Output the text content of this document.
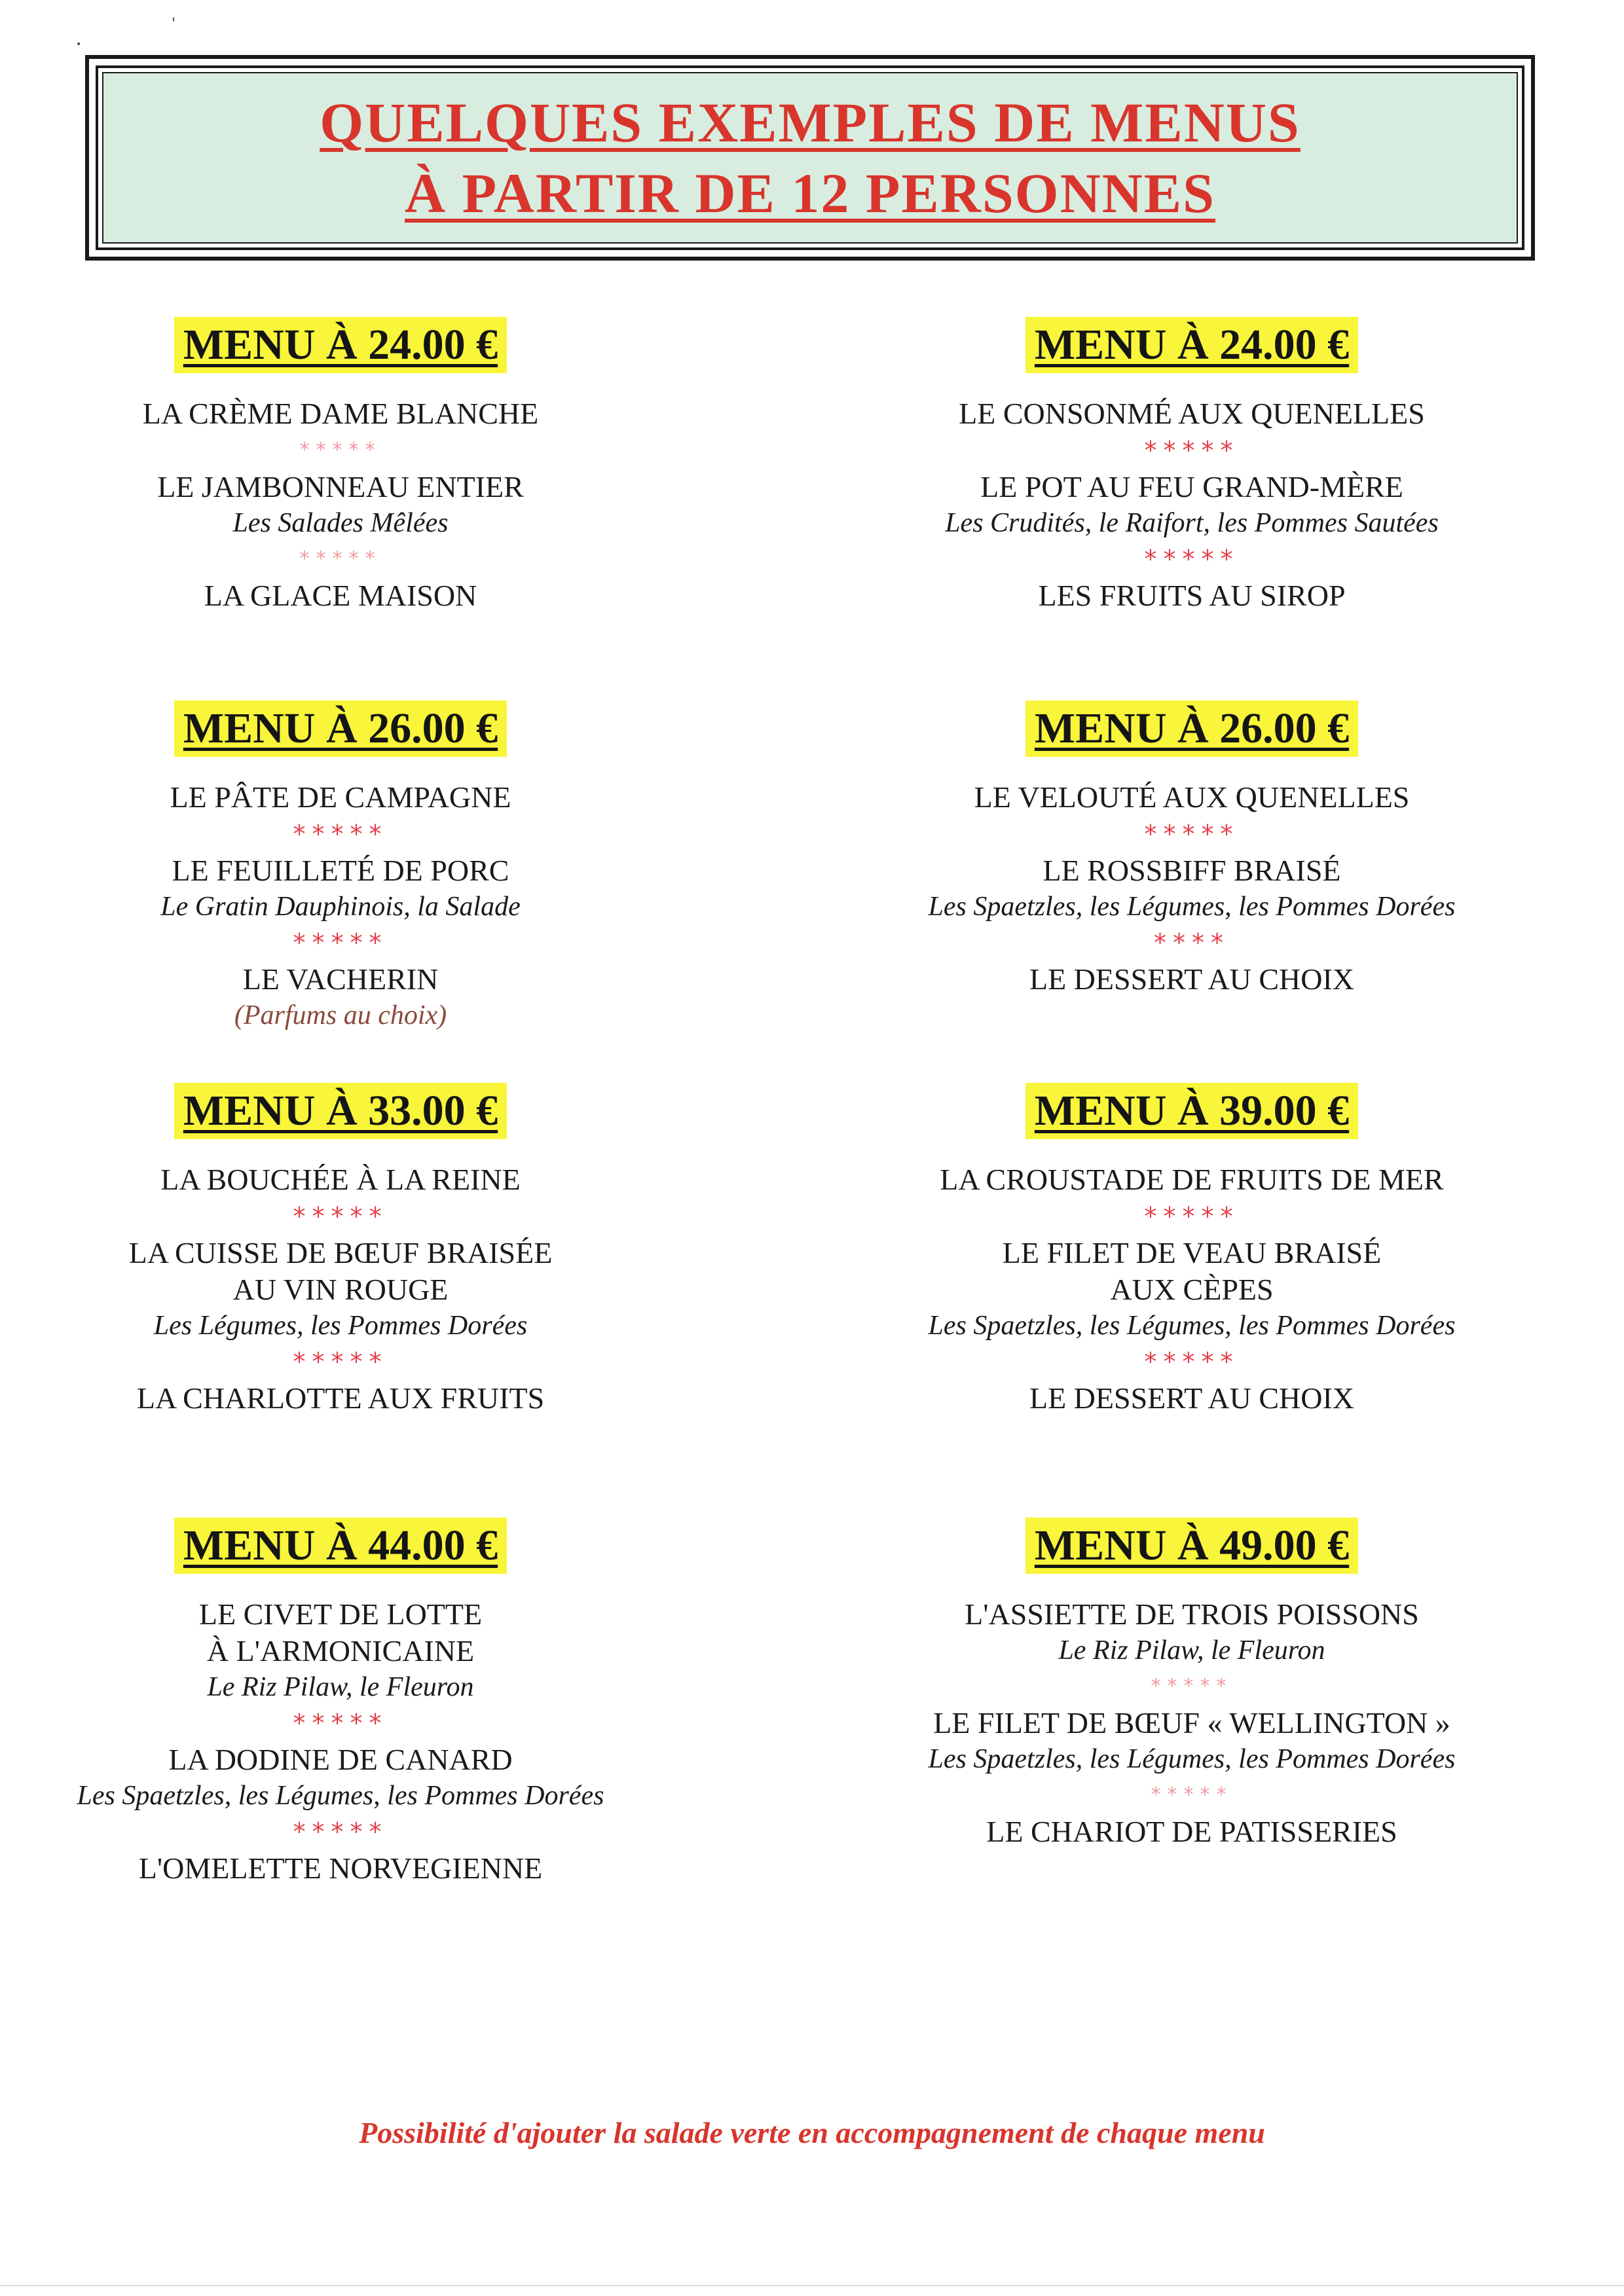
'
•
QUELQUES EXEMPLES DE MENUS
À PARTIR DE 12 PERSONNES
MENU À 24.00 €

LA CRÈME DAME BLANCHE
*****
LE JAMBONNEAU ENTIER
Les Salades Mêlées
*****
LA GLACE MAISON
MENU À 24.00 €

LE CONSONMÉ AUX QUENELLES
*****
LE POT AU FEU GRAND-MÈRE
Les Crudités, le Raifort, les Pommes Sautées
*****
LES FRUITS AU SIROP
MENU À 26.00 €

LE PÂTE DE CAMPAGNE
*****
LE FEUILLETÉ DE PORC
Le Gratin Dauphinois, la Salade
*****
LE VACHERIN
(Parfums au choix)
MENU À 26.00 €

LE VELOUTÉ AUX QUENELLES
*****
LE ROSSBIFF BRAISÉ
Les Spaetzles, les Légumes, les Pommes Dorées
****
LE DESSERT AU CHOIX
MENU À 33.00 €

LA BOUCHÉE À LA REINE
*****
LA CUISSE DE BŒUF BRAISÉE
AU VIN ROUGE
Les Légumes, les Pommes Dorées
*****
LA CHARLOTTE AUX FRUITS
MENU À 39.00 €

LA CROUSTADE DE FRUITS DE MER
*****
LE FILET DE VEAU BRAISÉ
AUX CÈPES
Les Spaetzles, les Légumes, les Pommes Dorées
*****
LE DESSERT AU CHOIX
MENU À 44.00 €

LE CIVET DE LOTTE
À L'ARMONICAINE
Le Riz Pilaw, le Fleuron
*****
LA DODINE DE CANARD
Les Spaetzles, les Légumes, les Pommes Dorées
*****
L'OMELETTE NORVEGIENNE
MENU À 49.00 €

L'ASSIETTE DE TROIS POISSONS
Le Riz Pilaw, le Fleuron
*****
LE FILET DE BŒUF « WELLINGTON »
Les Spaetzles, les Légumes, les Pommes Dorées
*****
LE CHARIOT DE PATISSERIES
Possibilité d'ajouter la salade verte en accompagnement de chaque menu
